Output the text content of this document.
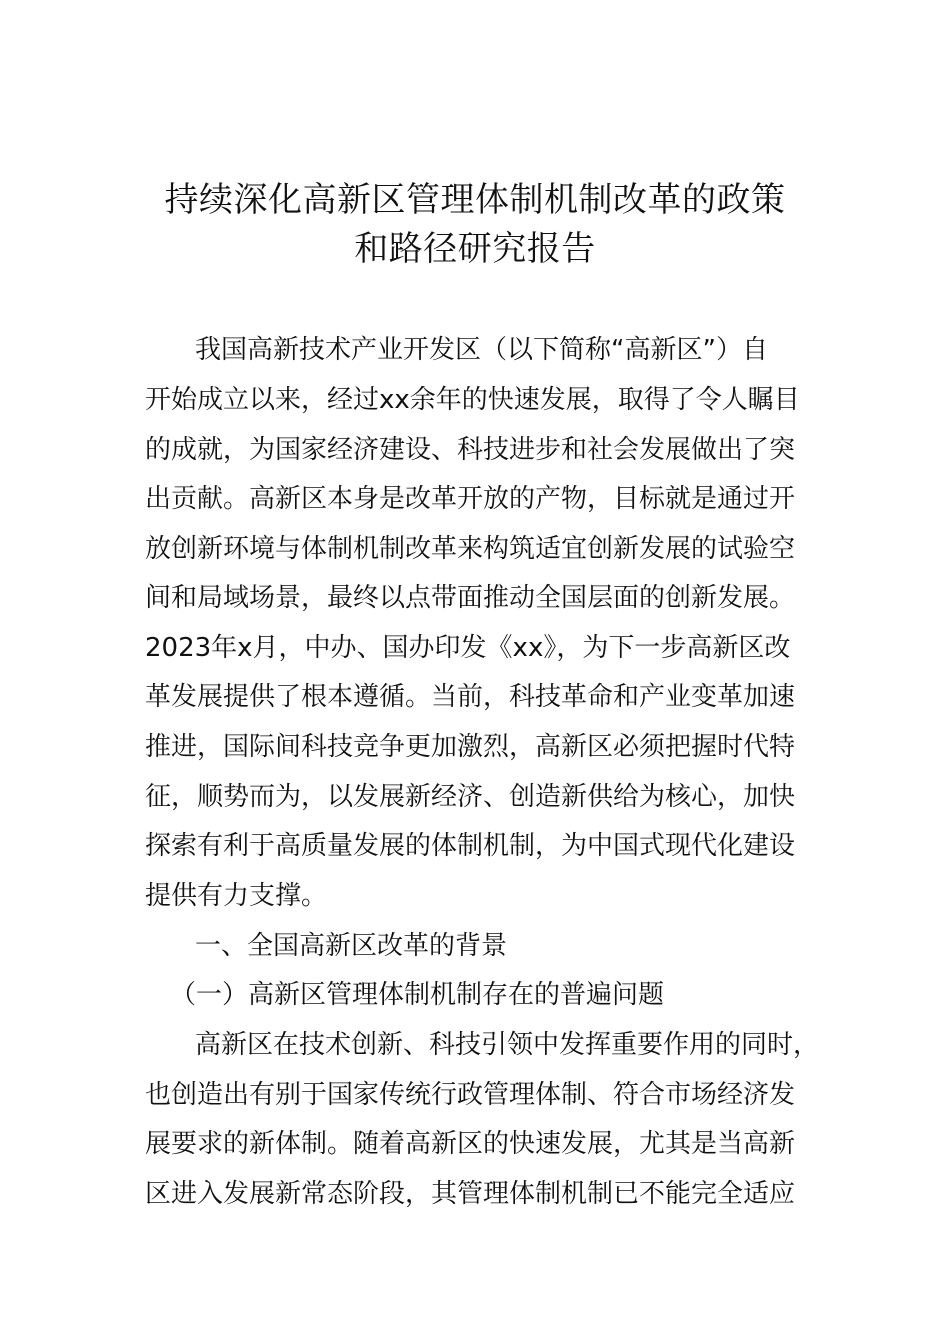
持续深化高新区管理体制机制改革的政策
和路径研究报告

我国高新技术产业开发区（以下简称“高新区”）自

开始成立以来，经过xx余年的快速发展，取得了令人瞩目

的成就，为国家经济建设、科技进步和社会发展做出了突

出贡献。高新区本身是改革开放的产物，目标就是通过开

放创新环境与体制机制改革来构筑适宜创新发展的试验空

间和局域场景，最终以点带面推动全国层面的创新发展。

2023年x月，中办、国办印发《xx》，为下一步高新区改

革发展提供了根本遵循。当前，科技革命和产业变革加速

推进，国际间科技竞争更加激烈，高新区必须把握时代特

征，顺势而为，以发展新经济、创造新供给为核心，加快

探索有利于高质量发展的体制机制，为中国式现代化建设

提供有力支撑。

一、全国高新区改革的背景

（一）高新区管理体制机制存在的普遍问题

高新区在技术创新、科技引领中发挥重要作用的同时，

也创造出有别于国家传统行政管理体制、符合市场经济发

展要求的新体制。随着高新区的快速发展，尤其是当高新

区进入发展新常态阶段，其管理体制机制已不能完全适应
